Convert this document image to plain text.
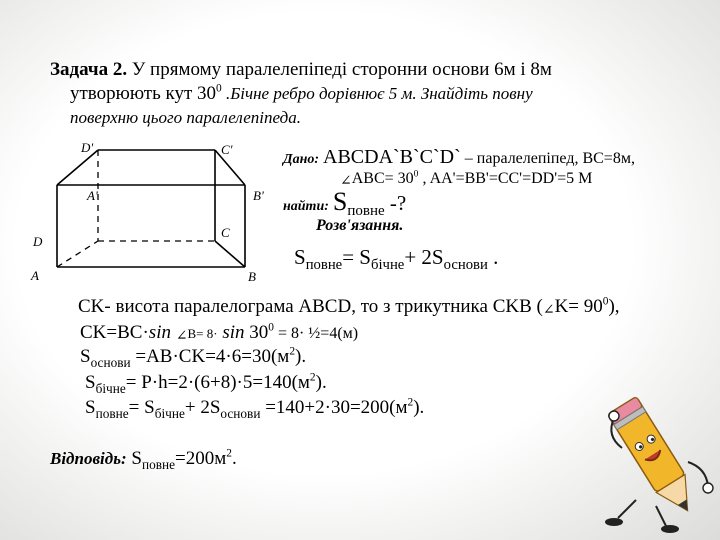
Задача 2. У прямому паралелепіпеді сторонни основи 6м і 8м
утворюють кут $30^0$ .Бічне ребро дорівнює 5 м. Знайдіть повну
поверхню цього паралелепіпеда.
D'	C'
A'	B'
C
D
A	B
Дано: ABCDA`B`C`D` – паралелепіпед, BC=8м,
∠ABC= $30^0$ , AA'=BB'=CC'=DD'=5 М
найти: $S_{повне}$ -?
Розв'язання.
$S_{повне}= S_{бічне}+ 2S_{основи}$ .
CK- висота паралелограма ABCD, то з трикутника CKB (∠K= $90^0$),
CK=BC·sin ∠B= $8\cdot \sin 30^0 = 8\cdot$ ½=4(м)
$S_{основи} =AB\cdot CK=4\cdot 6=30(м^2)$.
$S_{бічне}= P\cdot h=2\cdot(6+8)\cdot 5=140(м^2)$.
$S_{повне}= S_{бічне}+ 2S_{основи} =140+2\cdot 30=200(м^2)$.
Відповідь: $S_{повне}=200м^2$.
